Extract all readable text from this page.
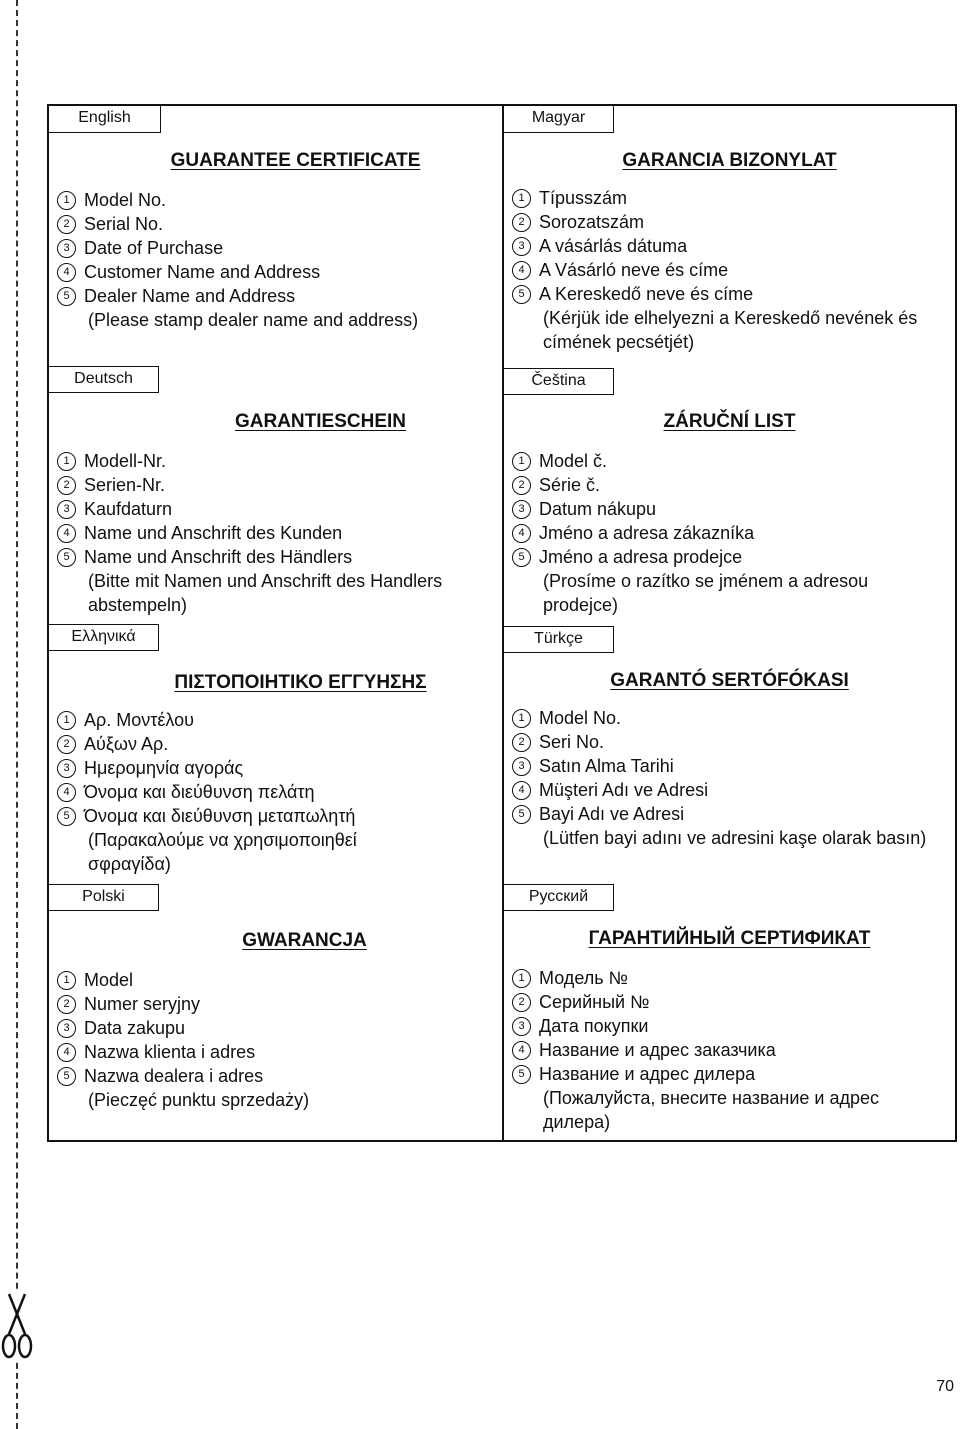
English
GUARANTEE CERTIFICATE
1 Model No.
2 Serial No.
3 Date of Purchase
4 Customer Name and Address
5 Dealer Name and Address
(Please stamp dealer name and address)
Magyar
GARANCIA BIZONYLAT
1 Típusszám
2 Sorozatszám
3 A vásárlás dátuma
4 A Vásárló neve és címe
5 A Kereskedő neve és címe
(Kérjük ide elhelyezni a Kereskedő nevének és címének pecsétjét)
Deutsch
GARANTIESCHEIN
1 Modell-Nr.
2 Serien-Nr.
3 Kaufdaturn
4 Name und Anschrift des Kunden
5 Name und Anschrift des Händlers
(Bitte mit Namen und Anschrift des Handlers abstempeln)
Čeština
ZÁRUČNÍ LIST
1 Model č.
2 Série č.
3 Datum nákupu
4 Jméno a adresa zákazníka
5 Jméno a adresa prodejce
(Prosíme o razítko se jménem a adresou prodejce)
Ελληνικά
ΠΙΣΤΟΠΟΙΗΤΙΚΟ ΕΓΓΥΗΣΗΣ
1 Αρ. Μοντέλου
2 Αύξων Αρ.
3 Ημερομηνία αγοράς
4 Όνομα και διεύθυνση πελάτη
5 Όνομα και διεύθυνση μεταπωλητή
(Παρακαλούμε να χρησιμοποιηθεί σφραγίδα)
Türkçe
GARANTÓ SERTÓFÓKASI
1 Model No.
2 Seri No.
3 Satın Alma Tarihi
4 Müşteri Adı ve Adresi
5 Bayi Adı ve Adresi
(Lütfen bayi adını ve adresini kaşe olarak basın)
Polski
GWARANCJA
1 Model
2 Numer seryjny
3 Data zakupu
4 Nazwa klienta i adres
5 Nazwa dealera i adres
(Pieczęć punktu sprzedaży)
Русский
ГАРАНТИЙНЫЙ СЕРТИФИКАТ
1 Модель №
2 Серийный №
3 Дата покупки
4 Название и адрес заказчика
5 Название и адрес дилера
(Пожалуйста, внесите название и адрес дилера)
70
